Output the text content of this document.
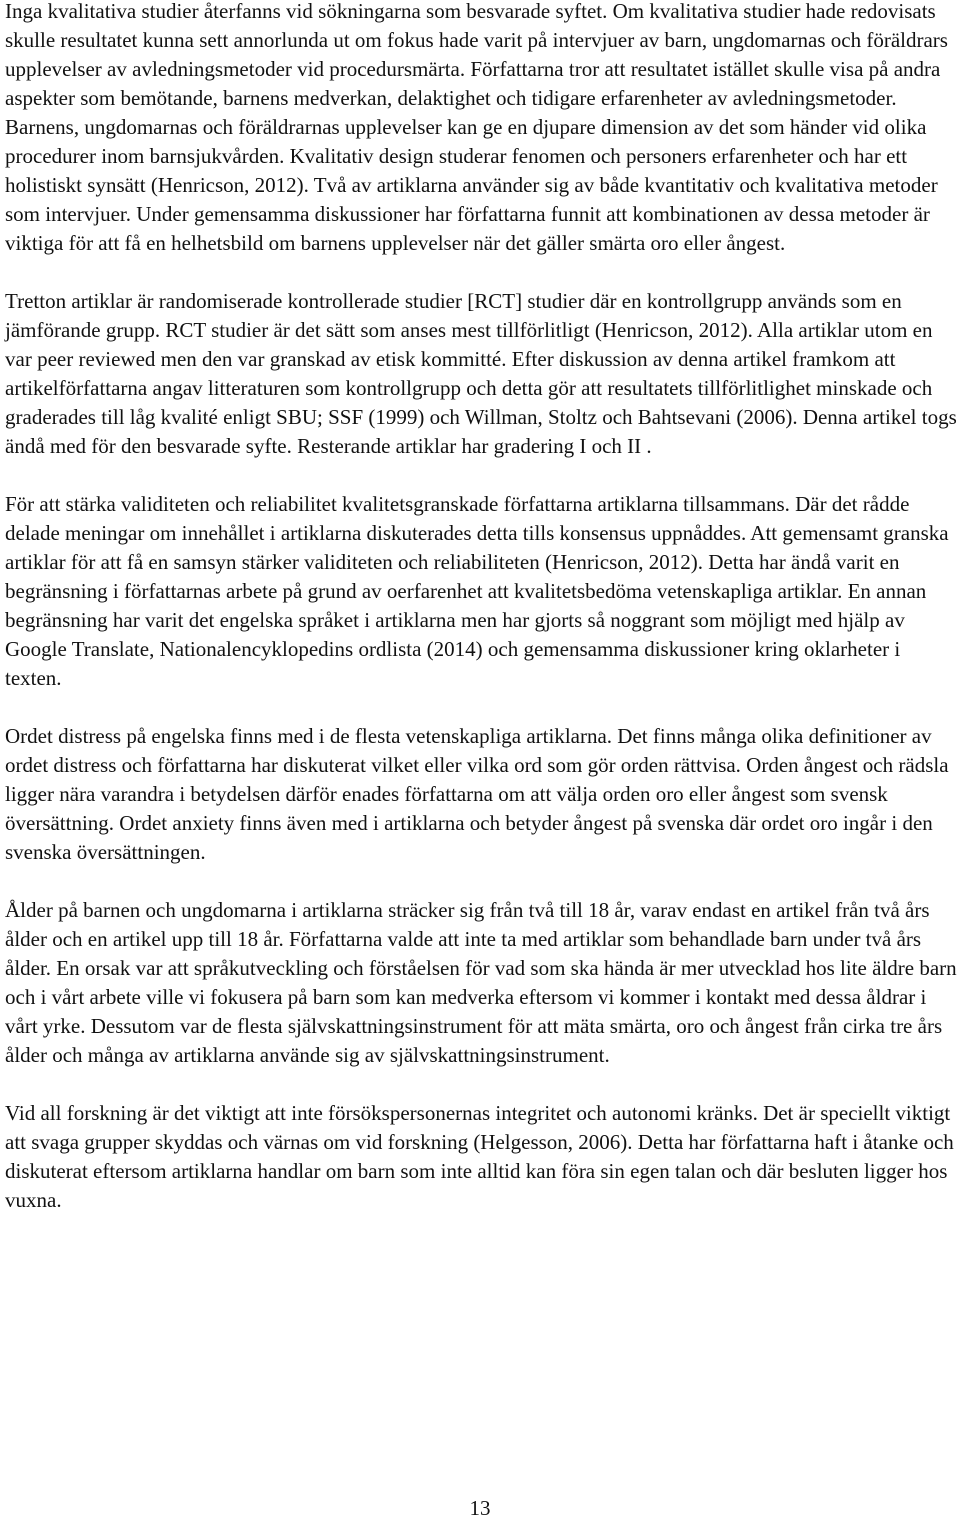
Inga kvalitativa studier återfanns vid sökningarna som besvarade syftet. Om kvalitativa studier hade redovisats skulle resultatet kunna sett annorlunda ut om fokus hade varit på intervjuer av barn, ungdomarnas och föräldrars upplevelser av avledningsmetoder vid procedursmärta. Författarna tror att resultatet istället skulle visa på andra aspekter som bemötande, barnens medverkan, delaktighet och tidigare erfarenheter av avledningsmetoder. Barnens, ungdomarnas och föräldrarnas upplevelser kan ge en djupare dimension av det som händer vid olika procedurer inom barnsjukvården. Kvalitativ design studerar fenomen och personers erfarenheter och har ett holistiskt synsätt (Henricson, 2012). Två av artiklarna använder sig av både kvantitativ och kvalitativa metoder som intervjuer. Under gemensamma diskussioner har författarna funnit att kombinationen av dessa metoder är viktiga för att få en helhetsbild om barnens upplevelser när det gäller smärta oro eller ångest.

Tretton artiklar är randomiserade kontrollerade studier [RCT] studier där en kontrollgrupp används som en jämförande grupp. RCT studier är det sätt som anses mest tillförlitligt (Henricson, 2012). Alla artiklar utom en var peer reviewed men den var granskad av etisk kommitté. Efter diskussion av denna artikel framkom att artikelförfattarna angav litteraturen som kontrollgrupp och detta gör att resultatets tillförlitlighet minskade och graderades till låg kvalité enligt SBU; SSF (1999) och Willman, Stoltz och Bahtsevani (2006). Denna artikel togs ändå med för den besvarade syfte. Resterande artiklar har gradering I och II .

För att stärka validiteten och reliabilitet kvalitetsgranskade författarna artiklarna tillsammans. Där det rådde delade meningar om innehållet i artiklarna diskuterades detta tills konsensus uppnåddes. Att gemensamt granska artiklar för att få en samsyn stärker validiteten och reliabiliteten (Henricson, 2012). Detta har ändå varit en begränsning i författarnas arbete på grund av oerfarenhet att kvalitetsbedöma vetenskapliga artiklar. En annan begränsning har varit det engelska språket i artiklarna men har gjorts så noggrant som möjligt med hjälp av Google Translate, Nationalencyklopedins ordlista (2014) och gemensamma diskussioner kring oklarheter i texten.

Ordet distress på engelska finns med i de flesta vetenskapliga artiklarna. Det finns många olika definitioner av ordet distress och författarna har diskuterat vilket eller vilka ord som gör orden rättvisa. Orden ångest och rädsla ligger nära varandra i betydelsen därför enades författarna om att välja orden oro eller ångest som svensk översättning. Ordet anxiety finns även med i artiklarna och betyder ångest på svenska där ordet oro ingår i den svenska översättningen.

Ålder på barnen och ungdomarna i artiklarna sträcker sig från två till 18 år, varav endast en artikel från två års ålder och en artikel upp till 18 år. Författarna valde att inte ta med artiklar som behandlade barn under två års ålder. En orsak var att språkutveckling och förståelsen för vad som ska hända är mer utvecklad hos lite äldre barn och i vårt arbete ville vi fokusera på barn som kan medverka eftersom vi kommer i kontakt med dessa åldrar i vårt yrke. Dessutom var de flesta självskattningsinstrument för att mäta smärta, oro och ångest från cirka tre års ålder och många av artiklarna använde sig av självskattningsinstrument.

Vid all forskning är det viktigt att inte försökspersonernas integritet och autonomi kränks. Det är speciellt viktigt att svaga grupper skyddas och värnas om vid forskning (Helgesson, 2006). Detta har författarna haft i åtanke och diskuterat eftersom artiklarna handlar om barn som inte alltid kan föra sin egen talan och där besluten ligger hos vuxna.

13
